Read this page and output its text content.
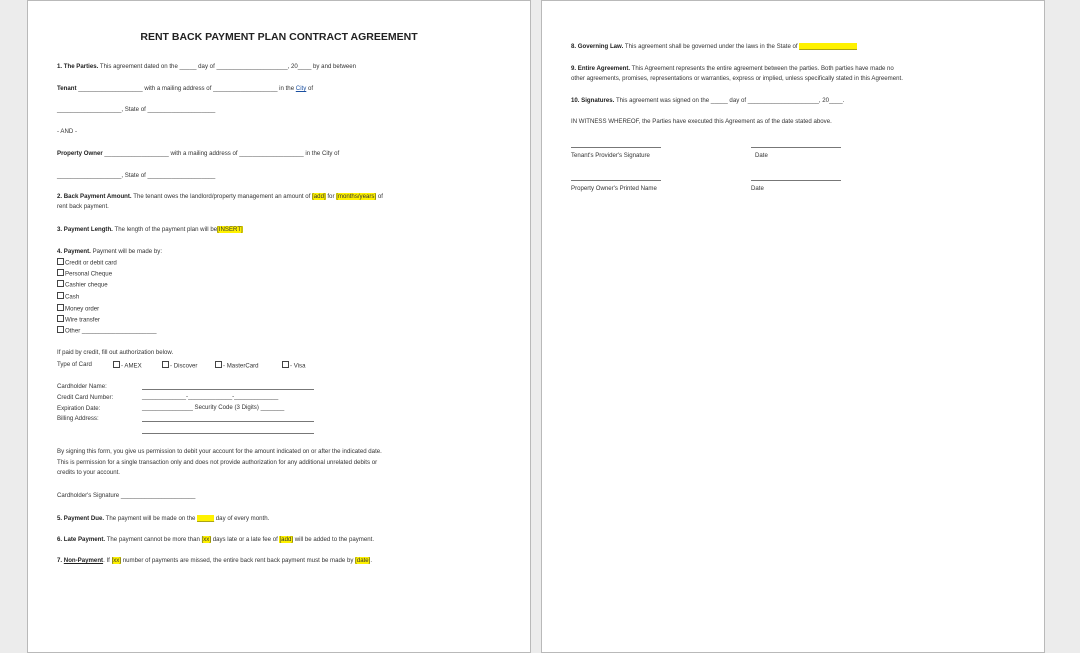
RENT BACK PAYMENT PLAN CONTRACT AGREEMENT
1. The Parties. This agreement dated on the _____ day of _____________________, 20____ by and between
Tenant ___________________ with a mailing address of ___________________ in the City of
___________________, State of ____________________
- AND -
Property Owner ___________________ with a mailing address of ___________________ in the City of
___________________, State of ____________________
2. Back Payment Amount. The tenant owes the landlord/property management an amount of [add] for [months/years] of
rent back payment.
3. Payment Length. The length of the payment plan will be[INSERT]
4. Payment. Payment will be made by:
Credit or debit card
Personal Cheque
Cashier cheque
Cash
Money order
Wire transfer
Other ______________________
If paid by credit, fill out authorization below.
Type of Card	- AMEX	- Discover	- MasterCard	- Visa
Cardholder Name:
Credit Card Number:	_____________-_____________-_____________
Expiration Date:	_______________ Security Code (3 Digits) _______
Billing Address:
By signing this form, you give us permission to debit your account for the amount indicated on or after the indicated date.
This is permission for a single transaction only and does not provide authorization for any additional unrelated debits or
credits to your account.
Cardholder's Signature ______________________
5. Payment Due. The payment will be made on the _____ day of every month.
6. Late Payment. The payment cannot be more than [xx] days late or a late fee of [add] will be added to the payment.
7. Non-Payment. If [xx] number of payments are missed, the entire back rent back payment must be made by [date].
8. Governing Law. This agreement shall be governed under the laws in the State of _________________
9. Entire Agreement. This Agreement represents the entire agreement between the parties. Both parties have made no
other agreements, promises, representations or warranties, express or implied, unless specifically stated in this Agreement.
10. Signatures. This agreement was signed on the _____ day of _____________________, 20____.
IN WITNESS WHEREOF, the Parties have executed this Agreement as of the date stated above.
Tenant's Provider's Signature	Date
Property Owner's Printed Name	Date
